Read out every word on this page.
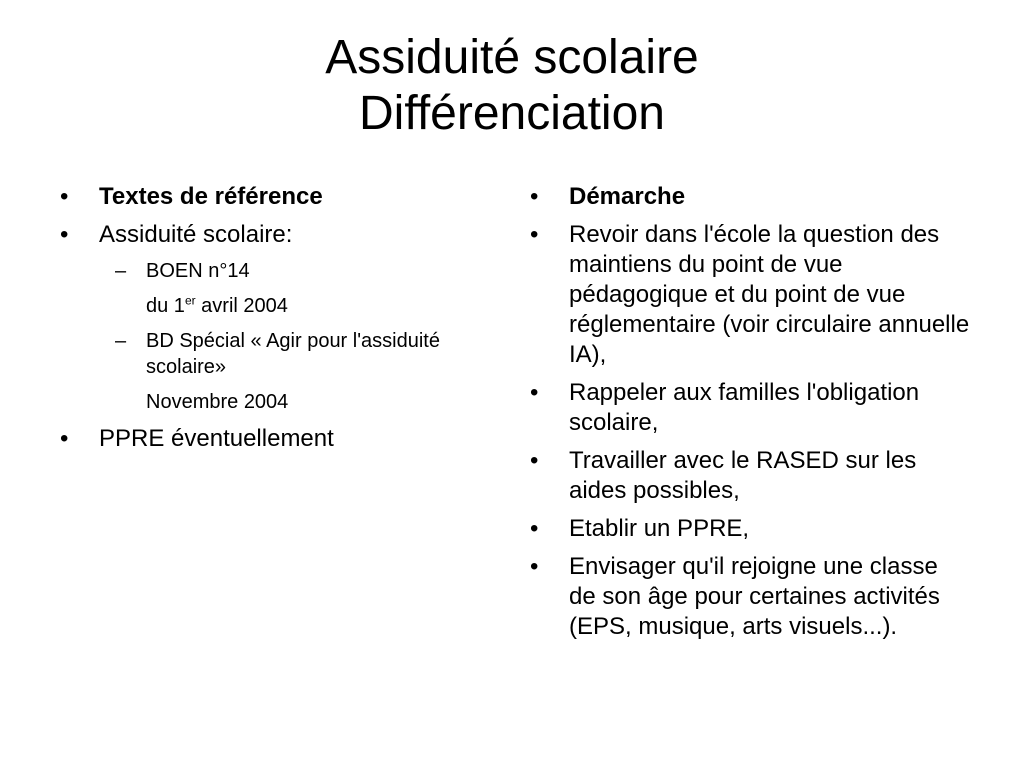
Assiduité scolaire
Différenciation
• Textes de référence
• Assiduité scolaire:
– BOEN n°14
du 1er avril 2004
– BD Spécial « Agir pour l'assiduité scolaire»
Novembre 2004
• PPRE éventuellement
• Démarche
• Revoir dans l'école la question des maintiens du point de vue pédagogique et du point de vue réglementaire (voir circulaire annuelle IA),
• Rappeler aux familles l'obligation scolaire,
• Travailler avec le RASED sur les aides possibles,
• Etablir un PPRE,
• Envisager qu'il rejoigne une classe de son âge pour certaines activités (EPS, musique, arts visuels...).
